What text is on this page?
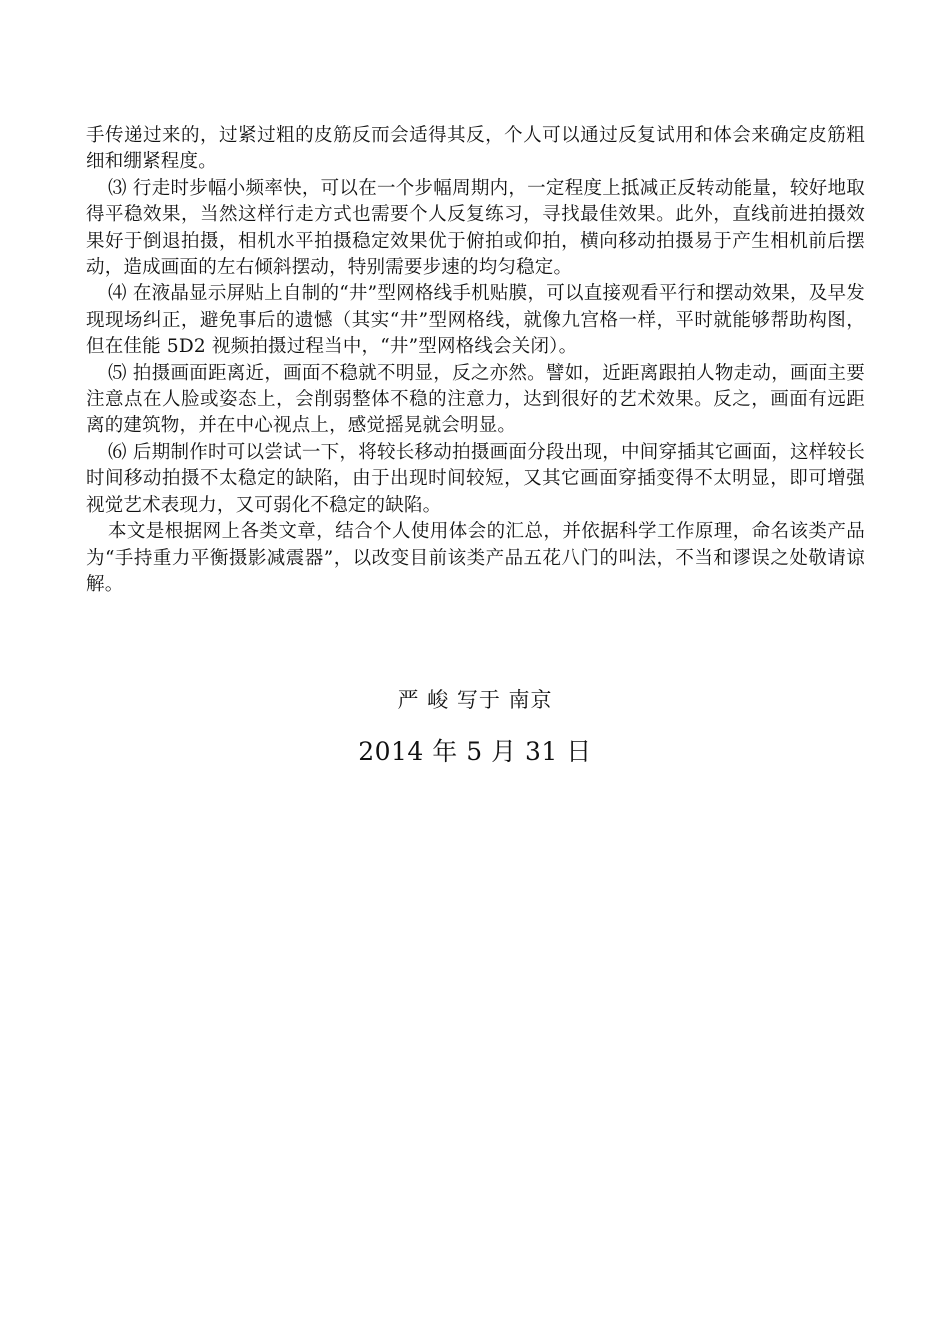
手传递过来的，过紧过粗的皮筋反而会适得其反，个人可以通过反复试用和体会来确定皮筋粗细和绷紧程度。

⑶ 行走时步幅小频率快，可以在一个步幅周期内，一定程度上抵减正反转动能量，较好地取得平稳效果，当然这样行走方式也需要个人反复练习，寻找最佳效果。此外，直线前进拍摄效果好于倒退拍摄，相机水平拍摄稳定效果优于俯拍或仰拍，横向移动拍摄易于产生相机前后摆动，造成画面的左右倾斜摆动，特别需要步速的均匀稳定。

⑷ 在液晶显示屏贴上自制的“井”型网格线手机贴膜，可以直接观看平行和摆动效果，及早发现现场纠正，避免事后的遗憾（其实“井”型网格线，就像九宫格一样，平时就能够帮助构图，但在佳能 5D2 视频拍摄过程当中，“井”型网格线会关闭）。

⑸ 拍摄画面距离近，画面不稳就不明显，反之亦然。譬如，近距离跟拍人物走动，画面主要注意点在人脸或姿态上，会削弱整体不稳的注意力，达到很好的艺术效果。反之，画面有远距离的建筑物，并在中心视点上，感觉摇晃就会明显。

⑹ 后期制作时可以尝试一下，将较长移动拍摄画面分段出现，中间穿插其它画面，这样较长时间移动拍摄不太稳定的缺陷，由于出现时间较短，又其它画面穿插变得不太明显，即可增强视觉艺术表现力，又可弱化不稳定的缺陷。

本文是根据网上各类文章，结合个人使用体会的汇总，并依据科学工作原理，命名该类产品为“手持重力平衡摄影减震器”，以改变目前该类产品五花八门的叫法，不当和谬误之处敬请谅解。

严 峻 写于 南京
2014 年 5 月 31 日
